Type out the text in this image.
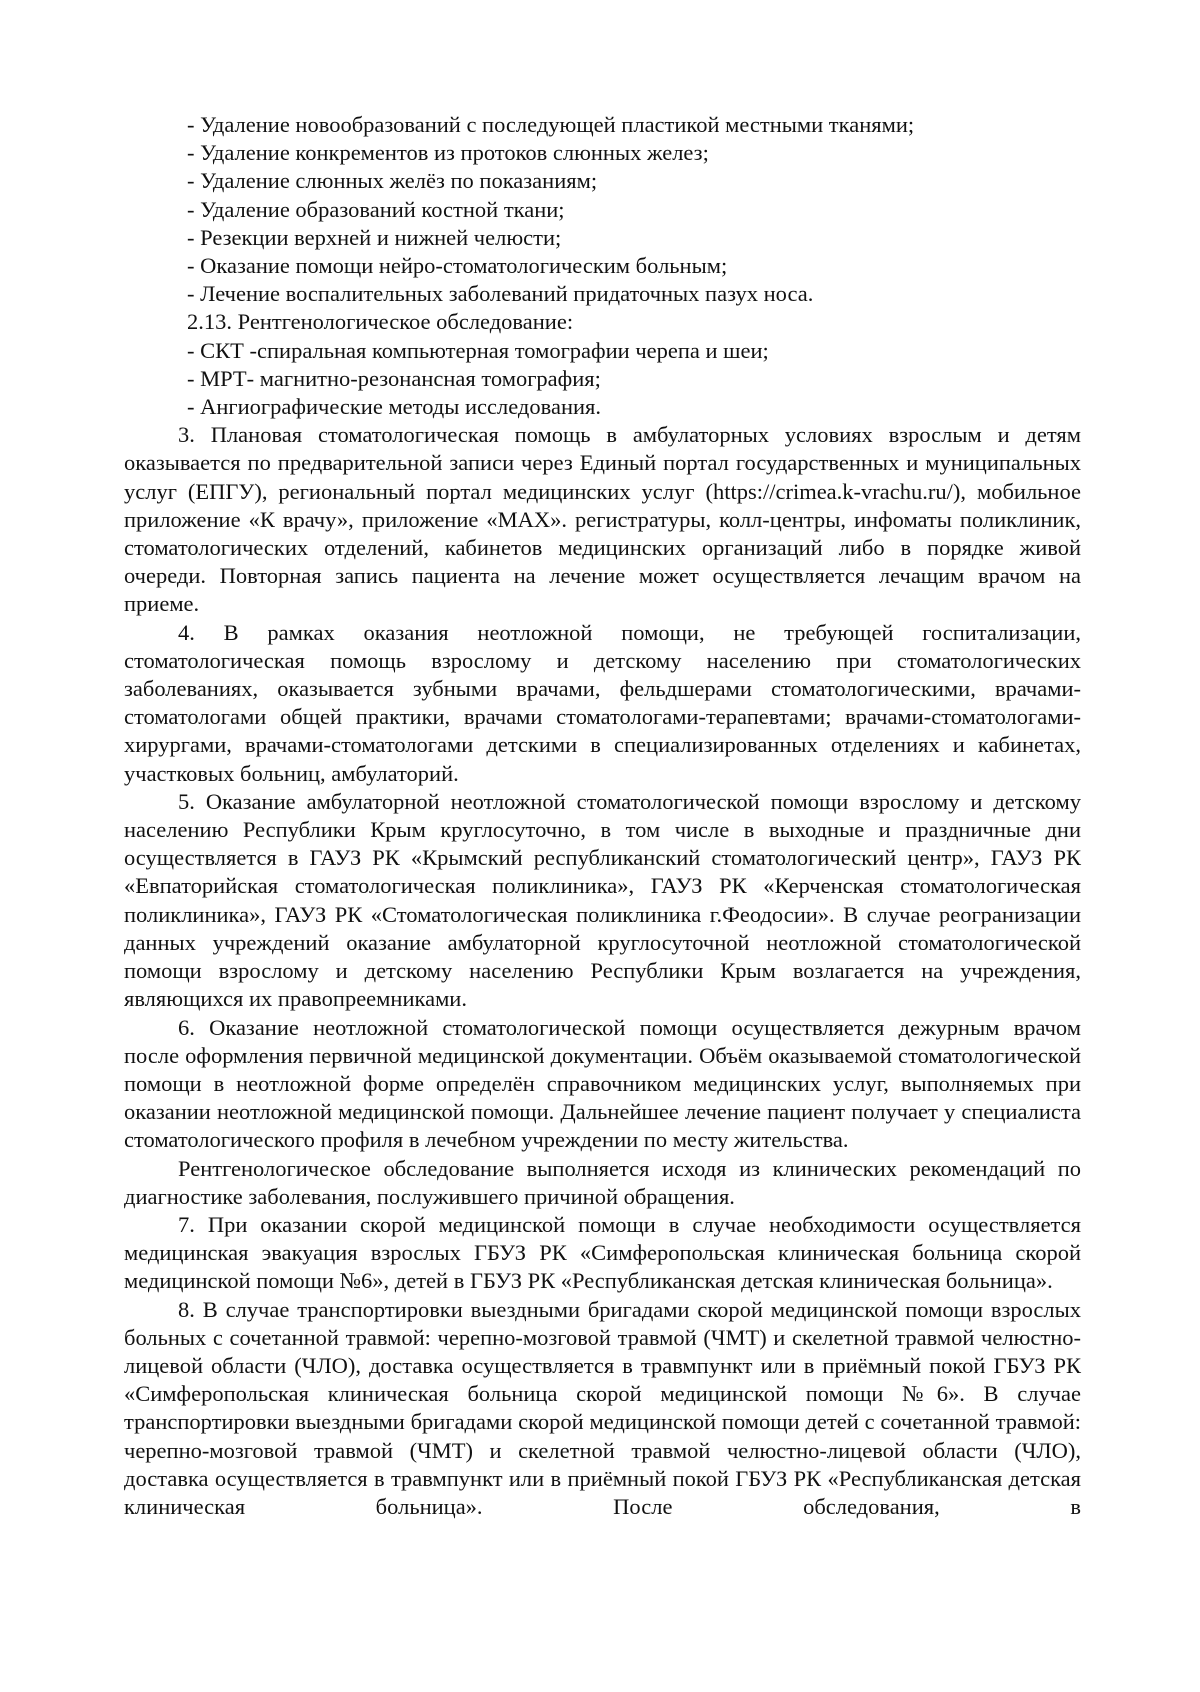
- Удаление новообразований с последующей пластикой местными тканями;

- Удаление конкрементов из протоков слюнных желез;

- Удаление слюнных желёз по показаниям;

- Удаление образований костной ткани;

- Резекции верхней и нижней челюсти;

- Оказание помощи нейро-стоматологическим больным;

- Лечение воспалительных заболеваний придаточных пазух носа.

2.13. Рентгенологическое обследование:

- СКТ -спиральная компьютерная томографии черепа и шеи;

- МРТ- магнитно-резонансная томография;

- Ангиографические методы исследования.

3. Плановая стоматологическая помощь в амбулаторных условиях взрослым и детям оказывается по предварительной записи через Единый портал государственных и муниципальных услуг (ЕПГУ), региональный портал медицинских услуг (https://crimea.k-vrachu.ru/), мобильное приложение «К врачу», приложение «МАХ». регистратуры, колл-центры, инфоматы поликлиник, стоматологических отделений, кабинетов медицинских организаций либо в порядке живой очереди. Повторная запись пациента на лечение может осуществляется лечащим врачом на приеме.

4. В рамках оказания неотложной помощи, не требующей госпитализации, стоматологическая помощь взрослому и детскому населению при стоматологических заболеваниях, оказывается зубными врачами, фельдшерами стоматологическими, врачами-стоматологами общей практики, врачами стоматологами-терапевтами; врачами-стоматологами-хирургами, врачами-стоматологами детскими в специализированных отделениях и кабинетах, участковых больниц, амбулаторий.

5. Оказание амбулаторной неотложной стоматологической помощи взрослому и детскому населению Республики Крым круглосуточно, в том числе в выходные и праздничные дни осуществляется в ГАУЗ РК «Крымский республиканский стоматологический центр», ГАУЗ РК «Евпаторийская стоматологическая поликлиника», ГАУЗ РК «Керченская стоматологическая поликлиника», ГАУЗ РК «Стоматологическая поликлиника г.Феодосии». В случае реогранизации данных учреждений оказание амбулаторной круглосуточной неотложной стоматологической помощи взрослому и детскому населению Республики Крым возлагается на учреждения, являющихся их правопреемниками.

6. Оказание неотложной стоматологической помощи осуществляется дежурным врачом после оформления первичной медицинской документации. Объём оказываемой стоматологической помощи в неотложной форме определён справочником медицинских услуг, выполняемых при оказании неотложной медицинской помощи. Дальнейшее лечение пациент получает у специалиста стоматологического профиля в лечебном учреждении по месту жительства.

Рентгенологическое обследование выполняется исходя из клинических рекомендаций по диагностике заболевания, послужившего причиной обращения.

7. При оказании скорой медицинской помощи в случае необходимости осуществляется медицинская эвакуация взрослых ГБУЗ РК «Симферопольская клиническая больница скорой медицинской помощи №6», детей в ГБУЗ РК «Республиканская детская клиническая больница».

8. В случае транспортировки выездными бригадами скорой медицинской помощи взрослых больных с сочетанной травмой: черепно-мозговой травмой (ЧМТ) и скелетной травмой челюстно-лицевой области (ЧЛО), доставка осуществляется в травмпункт или в приёмный покой ГБУЗ РК «Симферопольская клиническая больница скорой медицинской помощи №6». В случае транспортировки выездными бригадами скорой медицинской помощи детей с сочетанной травмой: черепно-мозговой травмой (ЧМТ) и скелетной травмой челюстно-лицевой области (ЧЛО), доставка осуществляется в травмпункт или в приёмный покой ГБУЗ РК «Республиканская детская клиническая больница». После обследования, в
